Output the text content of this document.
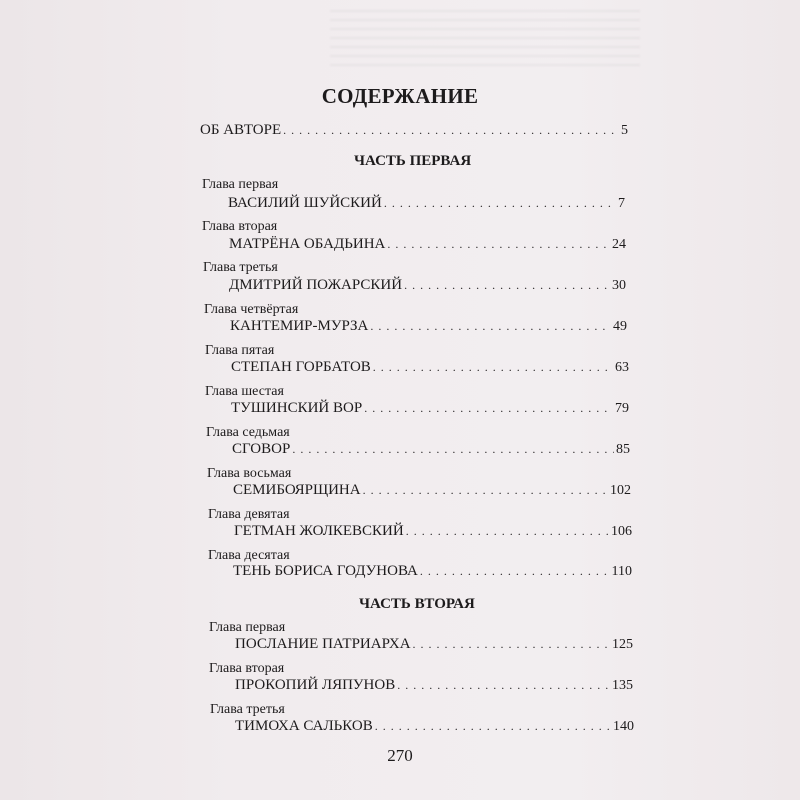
СОДЕРЖАНИЕ
ОБ АВТОРЕ . . .	5
ЧАСТЬ ПЕРВАЯ
Глава первая
ВАСИЛИЙ ШУЙСКИЙ . . .	7
Глава вторая
МАТРЁНА ОБАДЬИНА . . .	24
Глава третья
ДМИТРИЙ ПОЖАРСКИЙ . . .	30
Глава четвёртая
КАНТЕМИР-МУРЗА . . .	49
Глава пятая
СТЕПАН ГОРБАТОВ . . .	63
Глава шестая
ТУШИНСКИЙ ВОР . . .	79
Глава седьмая
СГОВОР . . .	85
Глава восьмая
СЕМИБОЯРЩИНА . . .	102
Глава девятая
ГЕТМАН ЖОЛКЕВСКИЙ . . .	106
Глава десятая
ТЕНЬ БОРИСА ГОДУНОВА . . .	110
ЧАСТЬ ВТОРАЯ
Глава первая
ПОСЛАНИЕ ПАТРИАРХА . . .	125
Глава вторая
ПРОКОПИЙ ЛЯПУНОВ . . .	135
Глава третья
ТИМОХА САЛЬКОВ . . .	140
270
